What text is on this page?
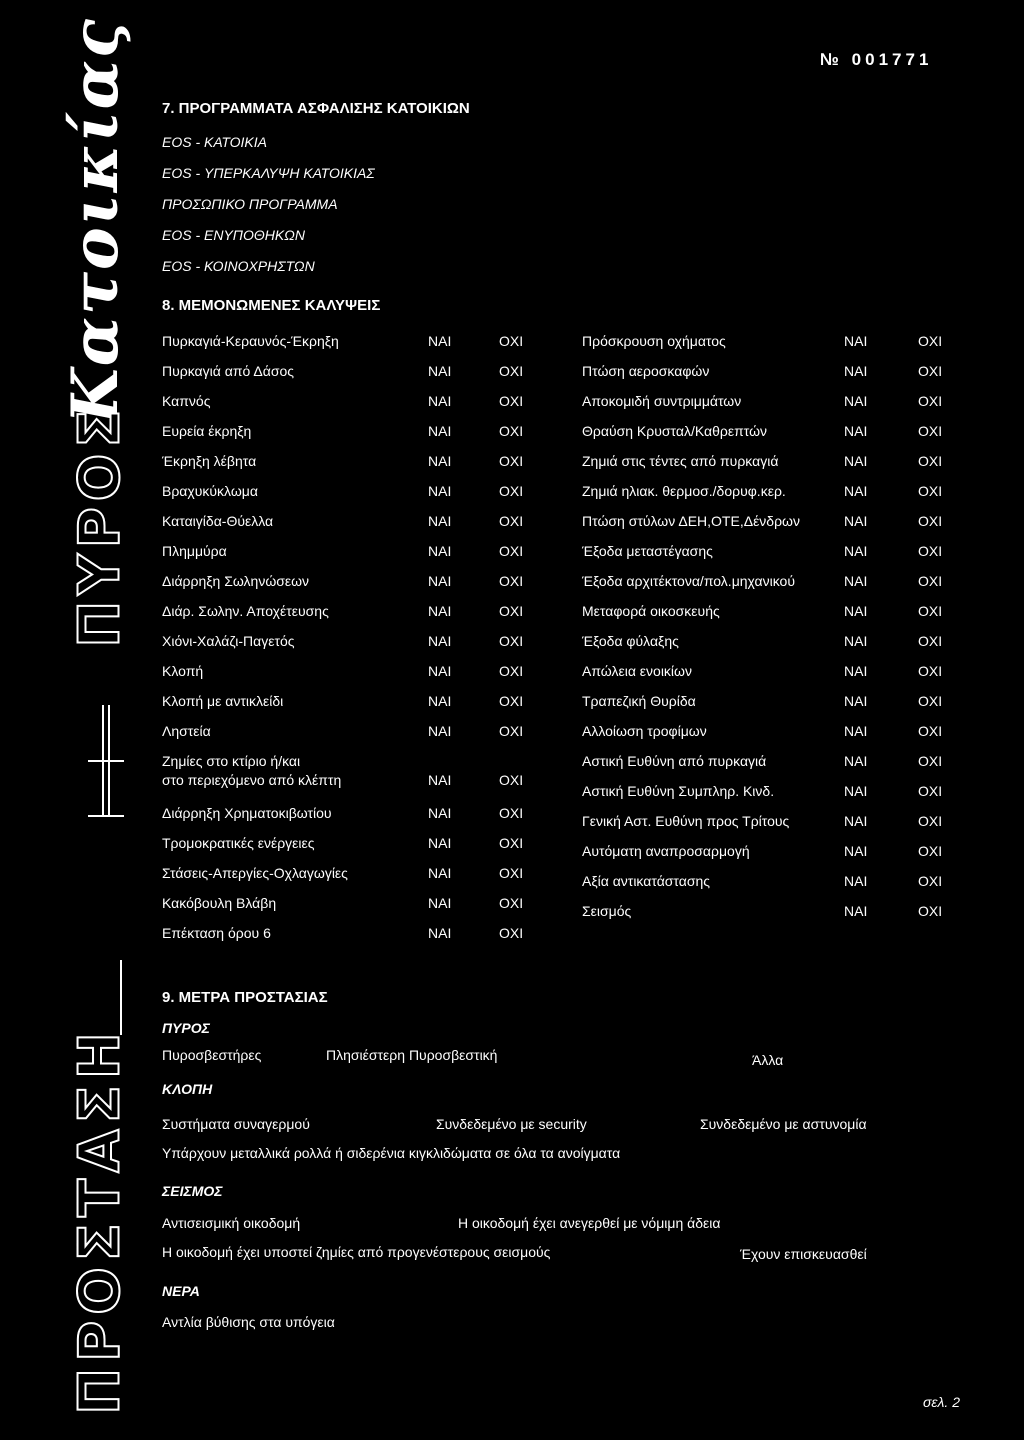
№ 001771
Κατοικίας
ΠΥΡΟΣ
ΠΡΟΣΤΑΣΗ
7. ΠΡΟΓΡΑΜΜΑΤΑ ΑΣΦΑΛΙΣΗΣ ΚΑΤΟΙΚΙΩΝ
EOS - ΚΑΤΟΙΚΙΑ
EOS - ΥΠΕΡΚΑΛΥΨΗ ΚΑΤΟΙΚΙΑΣ
ΠΡΟΣΩΠΙΚΟ ΠΡΟΓΡΑΜΜΑ
EOS - ΕΝΥΠΟΘΗΚΩΝ
EOS - ΚΟΙΝΟΧΡΗΣΤΩΝ
8. ΜΕΜΟΝΩΜΕΝΕΣ ΚΑΛΥΨΕΙΣ
Πυρκαγιά-Κεραυνός-Έκρηξη	ΝΑΙ	ΟΧΙ
Πυρκαγιά από Δάσος	ΝΑΙ	ΟΧΙ
Καπνός	ΝΑΙ	ΟΧΙ
Ευρεία έκρηξη	ΝΑΙ	ΟΧΙ
Έκρηξη λέβητα	ΝΑΙ	ΟΧΙ
Βραχυκύκλωμα	ΝΑΙ	ΟΧΙ
Καταιγίδα-Θύελλα	ΝΑΙ	ΟΧΙ
Πλημμύρα	ΝΑΙ	ΟΧΙ
Διάρρηξη Σωληνώσεων	ΝΑΙ	ΟΧΙ
Διάρ. Σωλην. Αποχέτευσης	ΝΑΙ	ΟΧΙ
Χιόνι-Χαλάζι-Παγετός	ΝΑΙ	ΟΧΙ
Κλοπή	ΝΑΙ	ΟΧΙ
Κλοπή με αντικλείδι	ΝΑΙ	ΟΧΙ
Ληστεία	ΝΑΙ	ΟΧΙ
Ζημίες στο κτίριο ή/και
στο περιεχόμενο από κλέπτη	ΝΑΙ	ΟΧΙ
Διάρρηξη Χρηματοκιβωτίου	ΝΑΙ	ΟΧΙ
Τρομοκρατικές ενέργειες	ΝΑΙ	ΟΧΙ
Στάσεις-Απεργίες-Οχλαγωγίες	ΝΑΙ	ΟΧΙ
Κακόβουλη Βλάβη	ΝΑΙ	ΟΧΙ
Επέκταση όρου 6	ΝΑΙ	ΟΧΙ
Πρόσκρουση οχήματος	ΝΑΙ	ΟΧΙ
Πτώση αεροσκαφών	ΝΑΙ	ΟΧΙ
Αποκομιδή συντριμμάτων	ΝΑΙ	ΟΧΙ
Θραύση Κρυσταλ/Καθρεπτών	ΝΑΙ	ΟΧΙ
Ζημιά στις τέντες από πυρκαγιά	ΝΑΙ	ΟΧΙ
Ζημιά ηλιακ. θερμοσ./δορυφ.κερ.	ΝΑΙ	ΟΧΙ
Πτώση στύλων ΔΕΗ,ΟΤΕ,Δένδρων	ΝΑΙ	ΟΧΙ
Έξοδα μεταστέγασης	ΝΑΙ	ΟΧΙ
Έξοδα αρχιτέκτονα/πολ.μηχανικού	ΝΑΙ	ΟΧΙ
Μεταφορά οικοσκευής	ΝΑΙ	ΟΧΙ
Έξοδα φύλαξης	ΝΑΙ	ΟΧΙ
Απώλεια ενοικίων	ΝΑΙ	ΟΧΙ
Τραπεζική Θυρίδα	ΝΑΙ	ΟΧΙ
Αλλοίωση τροφίμων	ΝΑΙ	ΟΧΙ
Αστική Ευθύνη από πυρκαγιά	ΝΑΙ	ΟΧΙ
Αστική Ευθύνη Συμπληρ. Κινδ.	ΝΑΙ	ΟΧΙ
Γενική Αστ. Ευθύνη προς Τρίτους	ΝΑΙ	ΟΧΙ
Αυτόματη αναπροσαρμογή	ΝΑΙ	ΟΧΙ
Αξία αντικατάστασης	ΝΑΙ	ΟΧΙ
Σεισμός	ΝΑΙ	ΟΧΙ
9. ΜΕΤΡΑ ΠΡΟΣΤΑΣΙΑΣ
ΠΥΡΟΣ
Πυροσβεστήρες	Πλησιέστερη Πυροσβεστική	Άλλα
ΚΛΟΠΗ
Συστήματα συναγερμού	Συνδεδεμένο με security	Συνδεδεμένο με αστυνομία
Υπάρχουν μεταλλικά ρολλά ή σιδερένια κιγκλιδώματα σε όλα τα ανοίγματα
ΣΕΙΣΜΟΣ
Αντισεισμική οικοδομή	Η οικοδομή έχει ανεγερθεί με νόμιμη άδεια
Η οικοδομή έχει υποστεί ζημίες από προγενέστερους σεισμούς	Έχουν επισκευασθεί
ΝΕΡΑ
Αντλία βύθισης στα υπόγεια
σελ. 2
